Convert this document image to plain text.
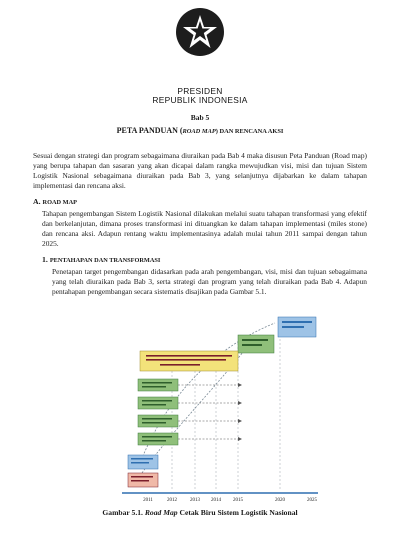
PRESIDEN
REPUBLIK INDONESIA
Bab 5
PETA PANDUAN (ROAD MAP) DAN RENCANA AKSI
Sesuai dengan strategi dan program sebagaimana diuraikan pada Bab 4 maka disusun Peta Panduan (Road map) yang berupa tahapan dan sasaran yang akan dicapai dalam rangka mewujudkan visi, misi dan tujuan Sistem Logistik Nasional sebagaimana diuraikan pada Bab 3, yang selanjutnya dijabarkan ke dalam tahapan implementasi dan rencana aksi.
A. ROAD MAP
Tahapan pengembangan Sistem Logistik Nasional dilakukan melalui suatu tahapan transformasi yang efektif dan berkelanjutan, dimana proses transformasi ini dituangkan ke dalam tahapan implementasi (miles stone) dan rencana aksi. Adapun rentang waktu implementasinya adalah mulai tahun 2011 sampai dengan tahun 2025.
1. PENTAHAPAN DAN TRANSFORMASI
Penetapan target pengembangan didasarkan pada arah pengembangan, visi, misi dan tujuan sebagaimana yang telah diuraikan pada Bab 3, serta strategi dan program yang telah diuraikan pada Bab 4. Adapun pentahapan pengembangan secara sistematis disajikan pada Gambar 5.1.
2011	2012	2013 2014 2015	2020	2025
Gambar 5.1. Road Map Cetak Biru Sistem Logistik Nasional
